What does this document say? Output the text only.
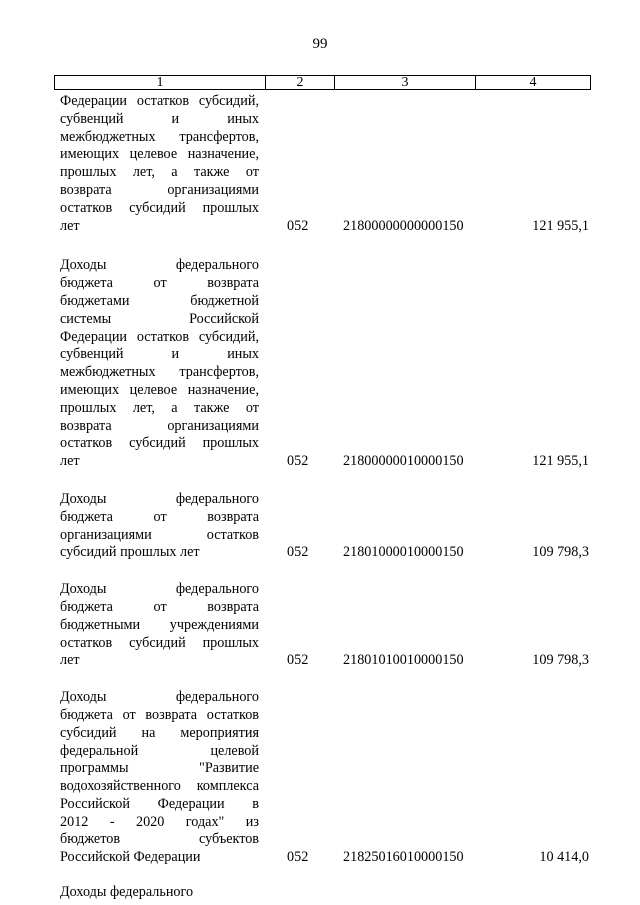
99
1	2	3	4
Федерации остатков субсидий,
субвенций и иных
межбюджетных трансфертов,
имеющих целевое назначение,
прошлых лет, а также от
возврата организациями
остатков субсидий прошлых
лет	052 21800000000000150	121 955,1
Доходы федерального
бюджета от возврата
бюджетами бюджетной
системы Российской
Федерации остатков субсидий,
субвенций и иных
межбюджетных трансфертов,
имеющих целевое назначение,
прошлых лет, а также от
возврата организациями
остатков субсидий прошлых
лет	052 21800000010000150	121 955,1
Доходы федерального
бюджета от возврата
организациями остатков
субсидий прошлых лет	052 21801000010000150	109 798,3
Доходы федерального
бюджета от возврата
бюджетными учреждениями
остатков субсидий прошлых
лет	052 21801010010000150	109 798,3
Доходы федерального
бюджета от возврата остатков
субсидий на мероприятия
федеральной целевой
программы "Развитие
водохозяйственного комплекса
Российской Федерации в
2012 - 2020 годах" из
бюджетов субъектов
Российской Федерации	052 21825016010000150	10 414,0
Доходы федерального
